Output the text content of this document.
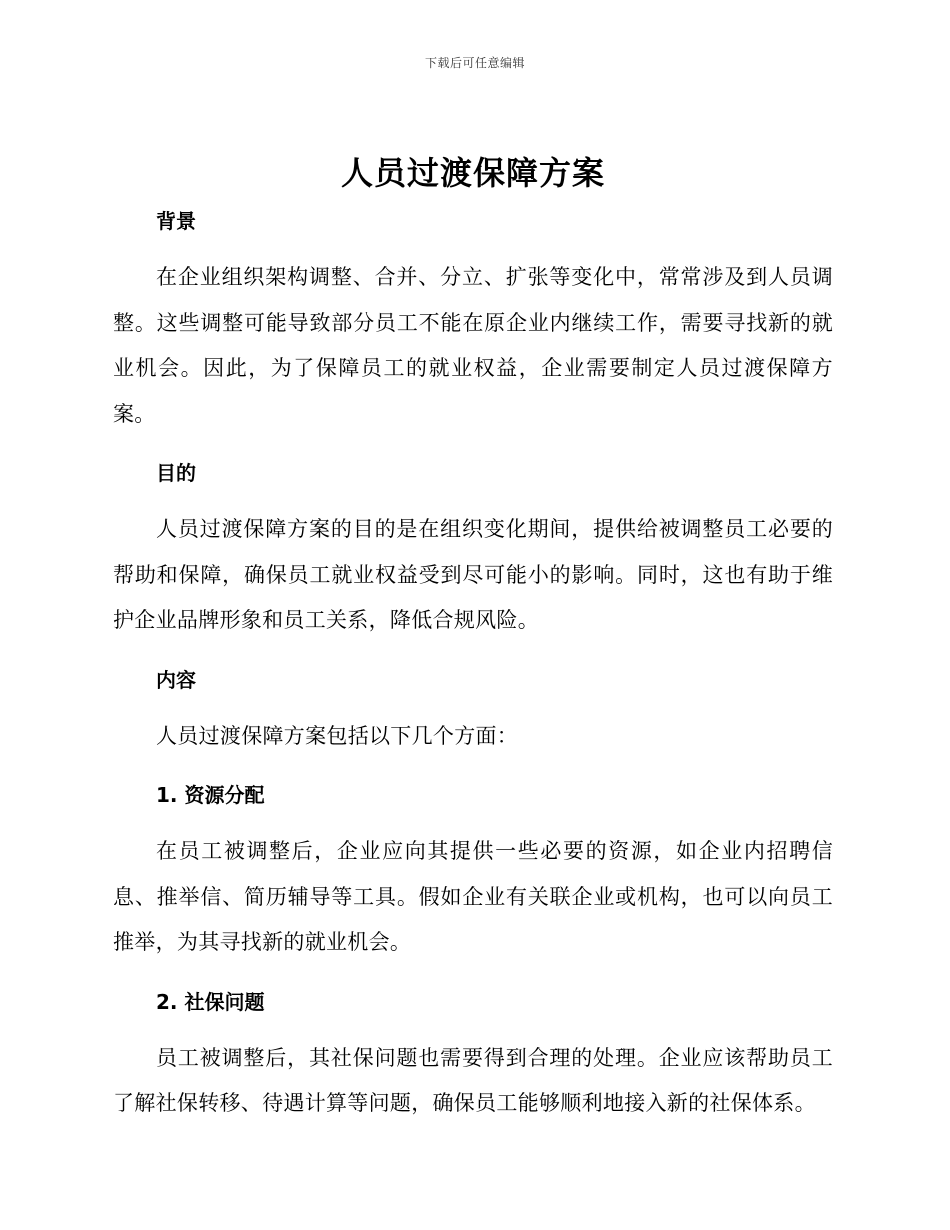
下载后可任意编辑
人员过渡保障方案
背景

在企业组织架构调整、合并、分立、扩张等变化中，常常涉及到人员调整。这些调整可能导致部分员工不能在原企业内继续工作，需要寻找新的就业机会。因此，为了保障员工的就业权益，企业需要制定人员过渡保障方案。

目的

人员过渡保障方案的目的是在组织变化期间，提供给被调整员工必要的帮助和保障，确保员工就业权益受到尽可能小的影响。同时，这也有助于维护企业品牌形象和员工关系，降低合规风险。

内容

人员过渡保障方案包括以下几个方面：

1. 资源分配

在员工被调整后，企业应向其提供一些必要的资源，如企业内招聘信息、推举信、简历辅导等工具。假如企业有关联企业或机构，也可以向员工推举，为其寻找新的就业机会。

2. 社保问题

员工被调整后，其社保问题也需要得到合理的处理。企业应该帮助员工了解社保转移、待遇计算等问题，确保员工能够顺利地接入新的社保体系。
